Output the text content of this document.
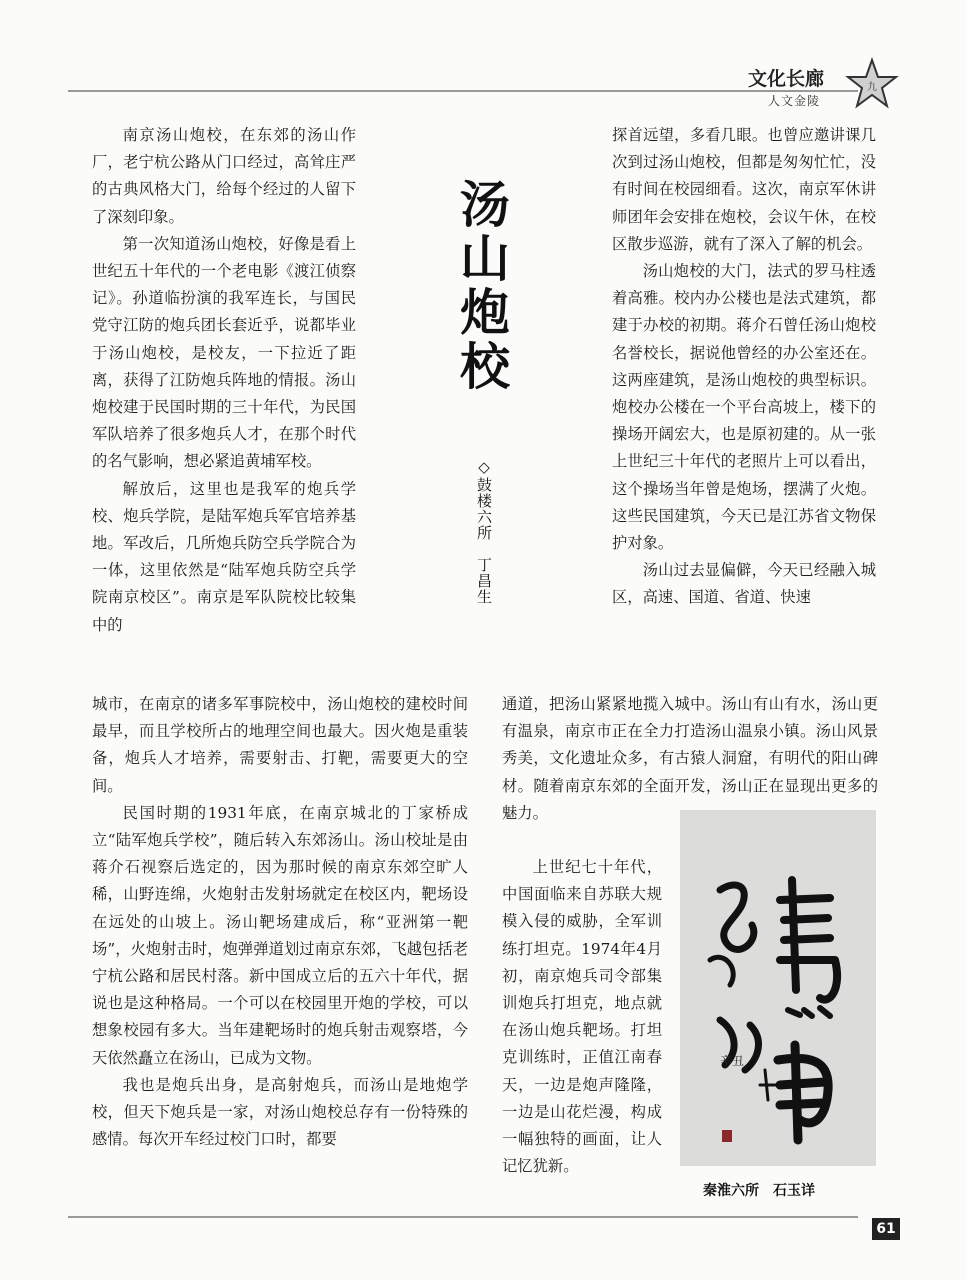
文化长廊
人文金陵
九

南京汤山炮校，在东郊的汤山作厂，老宁杭公路从门口经过，高耸庄严的古典风格大门，给每个经过的人留下了深刻印象。

第一次知道汤山炮校，好像是看上世纪五十年代的一个老电影《渡江侦察记》。孙道临扮演的我军连长，与国民党守江防的炮兵团长套近乎，说都毕业于汤山炮校，是校友，一下拉近了距离，获得了江防炮兵阵地的情报。汤山炮校建于民国时期的三十年代，为民国军队培养了很多炮兵人才，在那个时代的名气影响，想必紧追黄埔军校。

解放后，这里也是我军的炮兵学校、炮兵学院，是陆军炮兵军官培养基地。军改后，几所炮兵防空兵学院合为一体，这里依然是“陆军炮兵防空兵学院南京校区”。南京是军队院校比较集中的

汤山炮校
◇鼓楼六所　丁昌生

城市，在南京的诸多军事院校中，汤山炮校的建校时间最早，而且学校所占的地理空间也最大。因火炮是重装备，炮兵人才培养，需要射击、打靶，需要更大的空间。

民国时期的1931年底，在南京城北的丁家桥成立“陆军炮兵学校”，随后转入东郊汤山。汤山校址是由蒋介石视察后选定的，因为那时候的南京东郊空旷人稀，山野连绵，火炮射击发射场就定在校区内，靶场设在远处的山坡上。汤山靶场建成后，称“亚洲第一靶场”，火炮射击时，炮弹弹道划过南京东郊，飞越包括老宁杭公路和居民村落。新中国成立后的五六十年代，据说也是这种格局。一个可以在校园里开炮的学校，可以想象校园有多大。当年建靶场时的炮兵射击观察塔，今天依然矗立在汤山，已成为文物。

我也是炮兵出身，是高射炮兵，而汤山是地炮学校，但天下炮兵是一家，对汤山炮校总存有一份特殊的感情。每次开车经过校门口时，都要

探首远望，多看几眼。也曾应邀讲课几次到过汤山炮校，但都是匆匆忙忙，没有时间在校园细看。这次，南京军休讲师团年会安排在炮校，会议午休，在校区散步巡游，就有了深入了解的机会。

汤山炮校的大门，法式的罗马柱透着高雅。校内办公楼也是法式建筑，都建于办校的初期。蒋介石曾任汤山炮校名誉校长，据说他曾经的办公室还在。这两座建筑，是汤山炮校的典型标识。炮校办公楼在一个平台高坡上，楼下的操场开阔宏大，也是原初建的。从一张上世纪三十年代的老照片上可以看出，这个操场当年曾是炮场，摆满了火炮。这些民国建筑，今天已是江苏省文物保护对象。

汤山过去显偏僻，今天已经融入城区，高速、国道、省道、快速

通道，把汤山紧紧地揽入城中。汤山有山有水，汤山更有温泉，南京市正在全力打造汤山温泉小镇。汤山风景秀美，文化遗址众多，有古猿人洞窟，有明代的阳山碑材。随着南京东郊的全面开发，汤山正在显现出更多的魅力。

上世纪七十年代，中国面临来自苏联大规模入侵的威胁，全军训练打坦克。1974年4月初，南京炮兵司令部集训炮兵打坦克，地点就在汤山炮兵靶场。打坦克训练时，正值江南春天，一边是炮声隆隆，一边是山花烂漫，构成一幅独特的画面，让人记忆犹新。

辛丑
秦淮六所　石玉详
61
